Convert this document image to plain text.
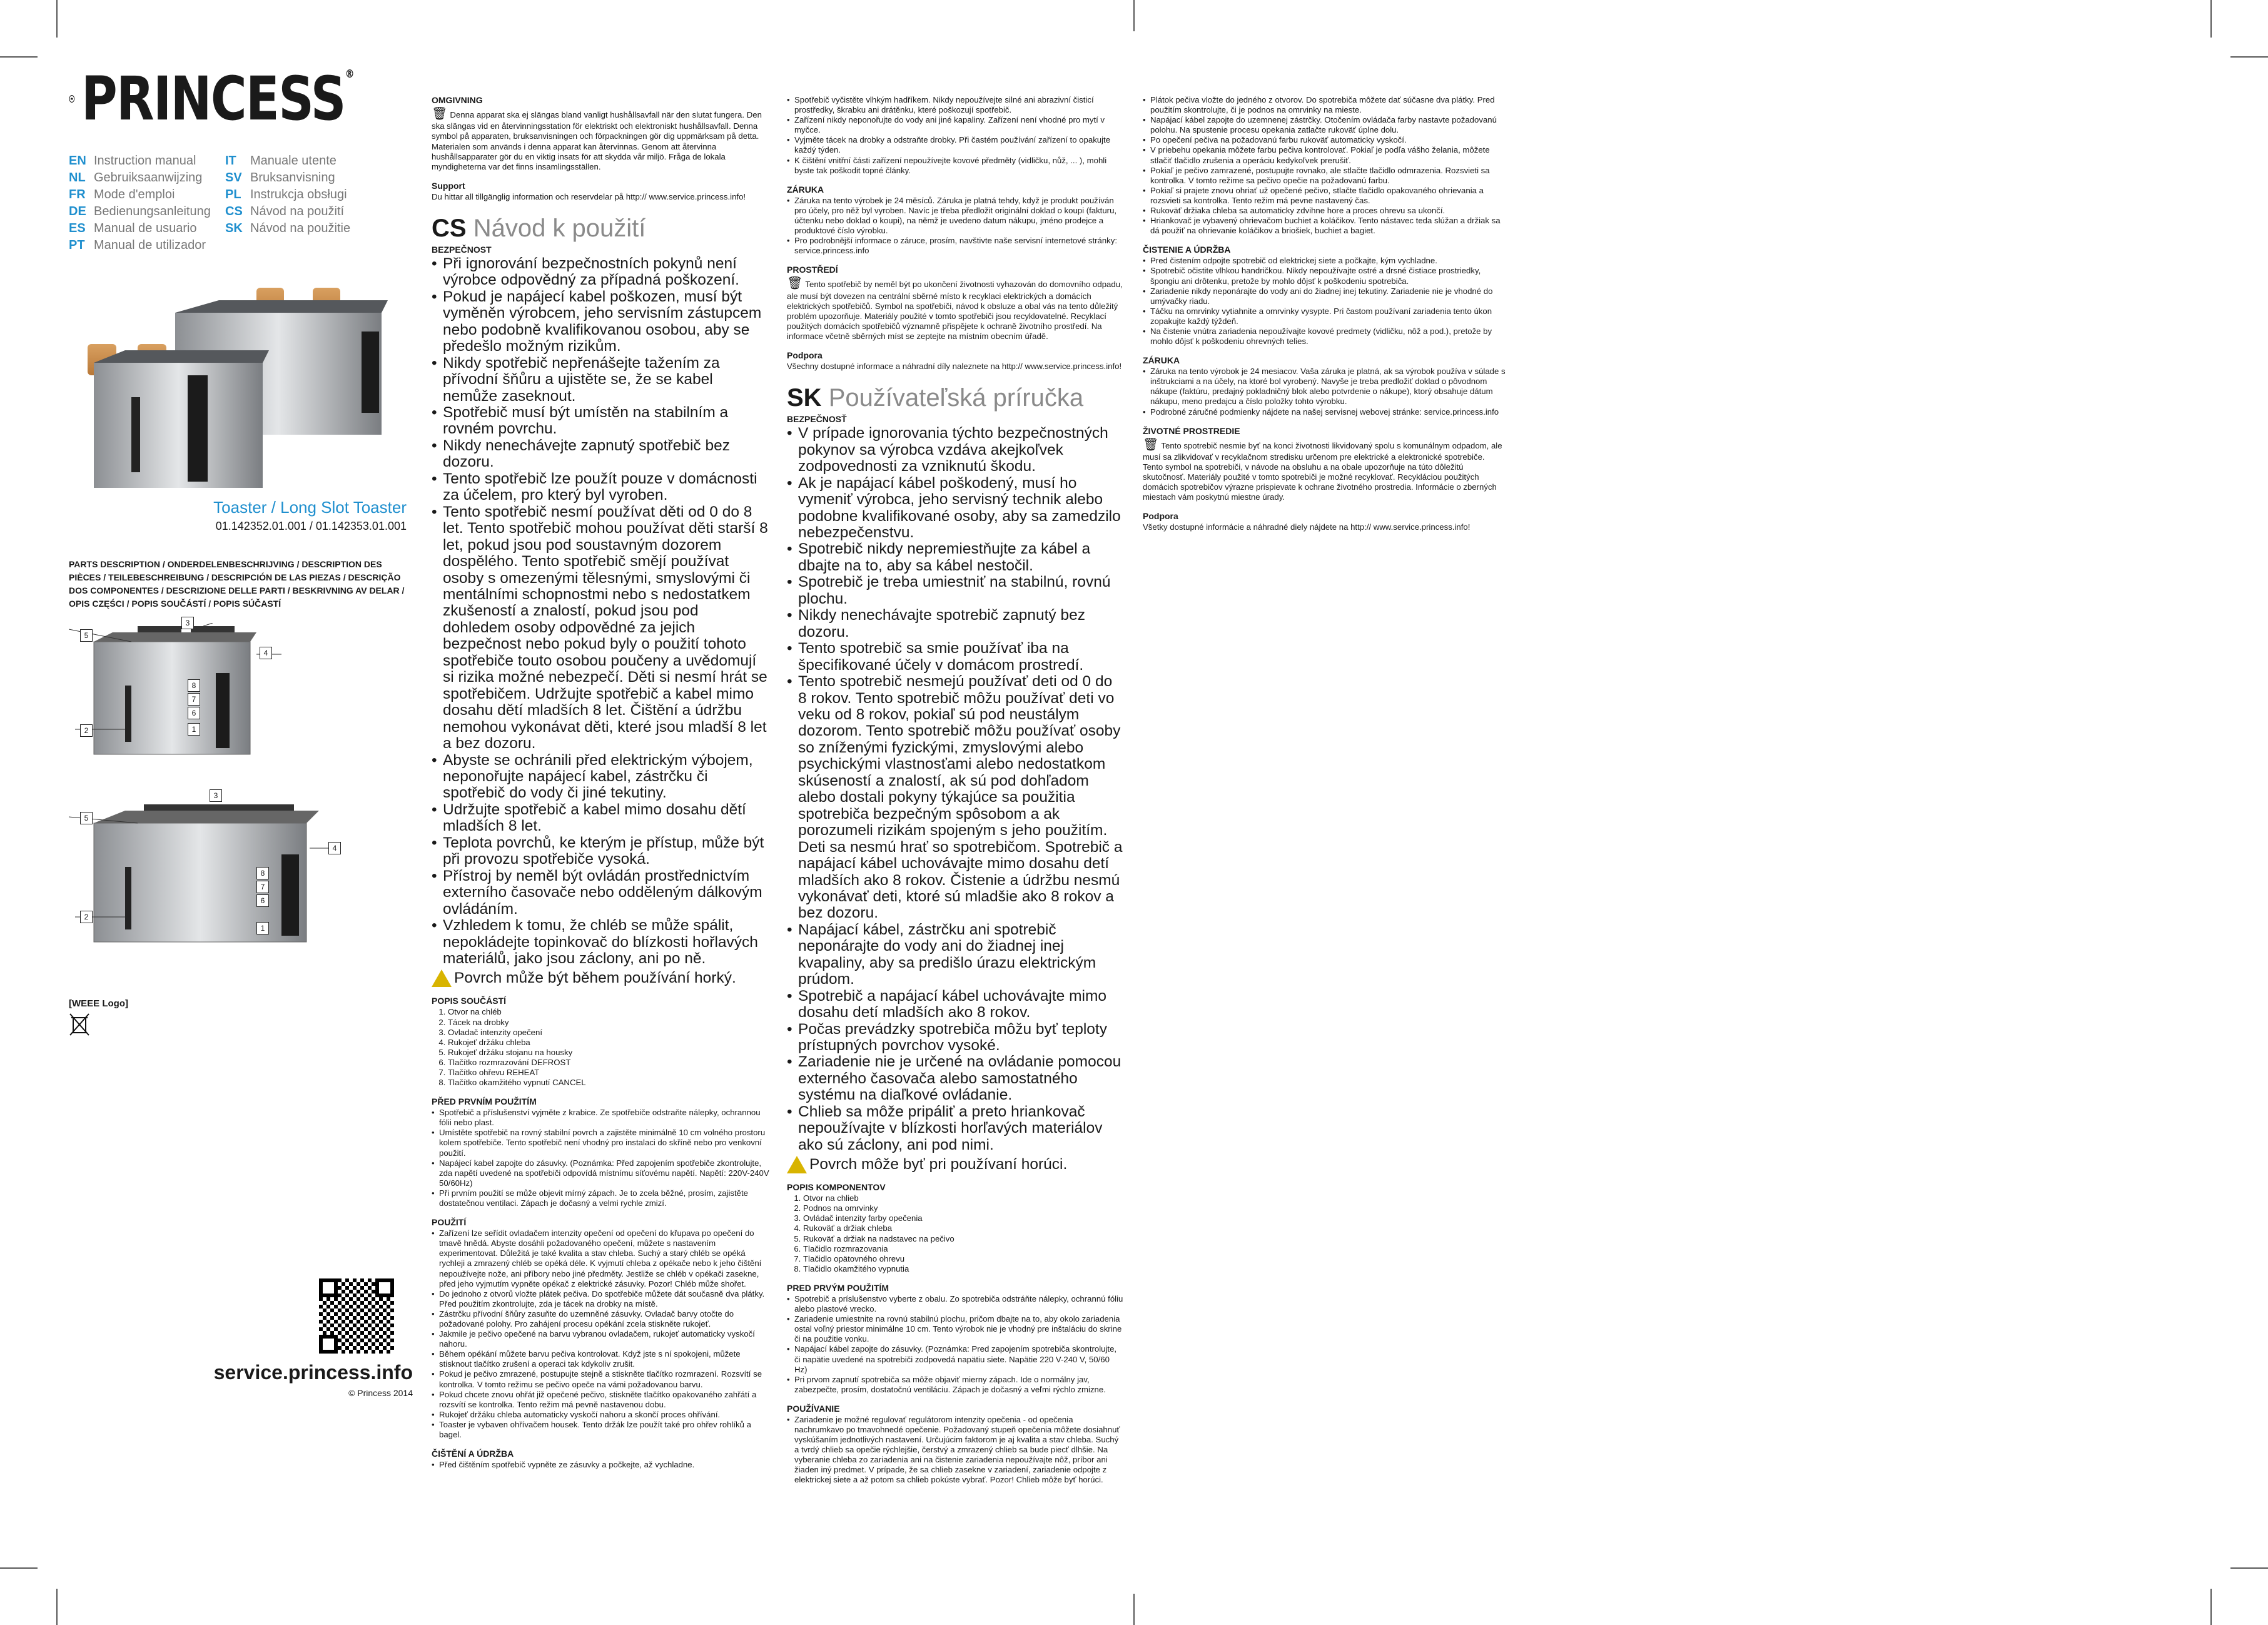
PRINCESS®
EN Instruction manual	IT Manuale utente
NL Gebruiksaanwijzing	SV Bruksanvisning
FR Mode d'emploi	PL Instrukcja obsługi
DE Bedienungsanleitung	CS Návod na použití
ES Manual de usuario	SK Návod na použitie
PT Manual de utilizador
Toaster / Long Slot Toaster
01.142352.01.001 / 01.142353.01.001
PARTS DESCRIPTION / ONDERDELENBESCHRIJVING / DESCRIPTION DES PIÈCES / TEILEBESCHREIBUNG / DESCRIPCIÓN DE LAS PIEZAS / DESCRIÇÃO DOS COMPONENTES / DESCRIZIONE DELLE PARTI / BESKRIVNING AV DELAR / OPIS CZĘŚCI / POPIS SOUČÁSTÍ / POPIS SÚČASTÍ
3
5
4
8
7
6
1
2
3
5
4
8
7
6
1
2
[WEEE Logo]
service.princess.info
© Princess 2014
OMGIVNING

🗑 Denna apparat ska ej slängas bland vanligt hushållsavfall när den slutat fungera. Den ska slängas vid en återvinningsstation för elektriskt och elektroniskt hushållsavfall. Denna symbol på apparaten, bruksanvisningen och förpackningen gör dig uppmärksam på detta. Materialen som används i denna apparat kan återvinnas. Genom att återvinna hushållsapparater gör du en viktig insats för att skydda vår miljö. Fråga de lokala myndigheterna var det finns insamlingsställen.

Support

Du hittar all tillgänglig information och reservdelar på http:// www.service.princess.info!

CS Návod k použití
BEZPEČNOST
• Při ignorování bezpečnostních pokynů není výrobce odpovědný za případná poškození.
• Pokud je napájecí kabel poškozen, musí být vyměněn výrobcem, jeho servisním zástupcem nebo podobně kvalifikovanou osobou, aby se předešlo možným rizikům.
• Nikdy spotřebič nepřenášejte tažením za přívodní šňůru a ujistěte se, že se kabel nemůže zaseknout.
• Spotřebič musí být umístěn na stabilním a rovném povrchu.
• Nikdy nenechávejte zapnutý spotřebič bez dozoru.
• Tento spotřebič lze použít pouze v domácnosti za účelem, pro který byl vyroben.
• Tento spotřebič nesmí používat děti od 0 do 8 let. Tento spotřebič mohou používat děti starší 8 let, pokud jsou pod soustavným dozorem dospělého. Tento spotřebič smějí používat osoby s omezenými tělesnými, smyslovými či mentálními schopnostmi nebo s nedostatkem zkušeností a znalostí, pokud jsou pod dohledem osoby odpovědné za jejich bezpečnost nebo pokud byly o použití tohoto spotřebiče touto osobou poučeny a uvědomují si rizika možné nebezpečí. Děti si nesmí hrát se spotřebičem. Udržujte spotřebič a kabel mimo dosahu dětí mladších 8 let. Čištění a údržbu nemohou vykonávat děti, které jsou mladší 8 let a bez dozoru.
• Abyste se ochránili před elektrickým výbojem, neponořujte napájecí kabel, zástrčku či spotřebič do vody či jiné tekutiny.
• Udržujte spotřebič a kabel mimo dosahu dětí mladších 8 let.
• Teplota povrchů, ke kterým je přístup, může být při provozu spotřebiče vysoká.
• Přístroj by neměl být ovládán prostřednictvím externího časovače nebo odděleným dálkovým ovládáním.
• Vzhledem k tomu, že chléb se může spálit, nepokládejte topinkovač do blízkosti hořlavých materiálů, jako jsou záclony, ani po ně.
Povrch může být během používání horký.
POPIS SOUČÁSTÍ
1. Otvor na chléb
2. Tácek na drobky
3. Ovladač intenzity opečení
4. Rukojeť držáku chleba
5. Rukojeť držáku stojanu na housky
6. Tlačítko rozmrazování DEFROST
7. Tlačítko ohřevu REHEAT
8. Tlačítko okamžitého vypnutí CANCEL
PŘED PRVNÍM POUŽITÍM
• Spotřebič a příslušenství vyjměte z krabice. Ze spotřebiče odstraňte nálepky, ochrannou fólii nebo plast.
• Umístěte spotřebič na rovný stabilní povrch a zajistěte minimálně 10 cm volného prostoru kolem spotřebiče. Tento spotřebič není vhodný pro instalaci do skříně nebo pro venkovní použití.
• Napájecí kabel zapojte do zásuvky. (Poznámka: Před zapojením spotřebiče zkontrolujte, zda napětí uvedené na spotřebiči odpovídá místnímu síťovému napětí. Napětí: 220V-240V 50/60Hz)
• Při prvním použití se může objevit mírný zápach. Je to zcela běžné, prosím, zajistěte dostatečnou ventilaci. Zápach je dočasný a velmi rychle zmizí.
POUŽITÍ
• Zařízení lze seřídit ovladačem intenzity opečení od opečení do křupava po opečení do tmavě hnědá. Abyste dosáhli požadovaného opečení, můžete s nastavením experimentovat. Důležitá je také kvalita a stav chleba. Suchý a starý chléb se opéká rychleji a zmrazený chléb se opéká déle. K vyjmutí chleba z opékače nebo k jeho čištění nepoužívejte nože, ani příbory nebo jiné předměty. Jestliže se chléb v opékači zasekne, před jeho vyjmutím vypněte opékač z elektrické zásuvky. Pozor! Chléb může shořet.
• Do jednoho z otvorů vložte plátek pečiva. Do spotřebiče můžete dát současně dva plátky. Před použitím zkontrolujte, zda je tácek na drobky na místě.
• Zástrčku přívodní šňůry zasuňte do uzemněné zásuvky. Ovladač barvy otočte do požadované polohy. Pro zahájení procesu opékání zcela stiskněte rukojeť.
• Jakmile je pečivo opečené na barvu vybranou ovladačem, rukojeť automaticky vyskočí nahoru.
• Během opékání můžete barvu pečiva kontrolovat. Když jste s ní spokojeni, můžete stisknout tlačítko zrušení a operaci tak kdykoliv zrušit.
• Pokud je pečivo zmrazené, postupujte stejně a stiskněte tlačítko rozmrazení. Rozsvítí se kontrolka. V tomto režimu se pečivo opeče na vámi požadovanou barvu.
• Pokud chcete znovu ohřát již opečené pečivo, stiskněte tlačítko opakovaného zahřátí a rozsvítí se kontrolka. Tento režim má pevně nastavenou dobu.
• Rukojeť držáku chleba automaticky vyskočí nahoru a skončí proces ohřívání.
• Toaster je vybaven ohřívačem housek. Tento držák lze použít také pro ohřev rohlíků a bagel.
ČIŠTĚNÍ A ÚDRŽBA
• Před čištěním spotřebič vypněte ze zásuvky a počkejte, až vychladne.
• Spotřebič vyčistěte vlhkým hadříkem. Nikdy nepoužívejte silné ani abrazivní čisticí prostředky, škrabku ani drátěnku, které poškozují spotřebič.
• Zařízení nikdy neponořujte do vody ani jiné kapaliny. Zařízení není vhodné pro mytí v myčce.
• Vyjměte tácek na drobky a odstraňte drobky. Při častém používání zařízení to opakujte každý týden.
• K čištění vnitřní části zařízení nepoužívejte kovové předměty (vidličku, nůž, ... ), mohli byste tak poškodit topné články.
ZÁRUKA
• Záruka na tento výrobek je 24 měsíců. Záruka je platná tehdy, když je produkt používán pro účely, pro něž byl vyroben. Navíc je třeba předložit originální doklad o koupi (fakturu, účtenku nebo doklad o koupi), na němž je uvedeno datum nákupu, jméno prodejce a produktové číslo výrobku.
• Pro podrobnější informace o záruce, prosím, navštivte naše servisní internetové stránky: service.princess.info
PROSTŘEDÍ

🗑 Tento spotřebič by neměl být po ukončení životnosti vyhazován do domovního odpadu, ale musí být dovezen na centrální sběrné místo k recyklaci elektrických a domácích elektrických spotřebičů. Symbol na spotřebiči, návod k obsluze a obal vás na tento důležitý problém upozorňuje. Materiály použité v tomto spotřebiči jsou recyklovatelné. Recyklací použitých domácích spotřebičů významně přispějete k ochraně životního prostředí. Na informace včetně sběrných míst se zeptejte na místním obecním úřadě.

Podpora

Všechny dostupné informace a náhradní díly naleznete na http:// www.service.princess.info!

SK Používateľská príručka
BEZPEČNOSŤ
• V prípade ignorovania týchto bezpečnostných pokynov sa výrobca vzdáva akejkoľvek zodpovednosti za vzniknutú škodu.
• Ak je napájací kábel poškodený, musí ho vymeniť výrobca, jeho servisný technik alebo podobne kvalifikované osoby, aby sa zamedzilo nebezpečenstvu.
• Spotrebič nikdy nepremiestňujte za kábel a dbajte na to, aby sa kábel nestočil.
• Spotrebič je treba umiestniť na stabilnú, rovnú plochu.
• Nikdy nenechávajte spotrebič zapnutý bez dozoru.
• Tento spotrebič sa smie používať iba na špecifikované účely v domácom prostredí.
• Tento spotrebič nesmejú používať deti od 0 do 8 rokov. Tento spotrebič môžu používať deti vo veku od 8 rokov, pokiaľ sú pod neustálym dozorom. Tento spotrebič môžu používať osoby so zníženými fyzickými, zmyslovými alebo psychickými vlastnosťami alebo nedostatkom skúseností a znalostí, ak sú pod dohľadom alebo dostali pokyny týkajúce sa použitia spotrebiča bezpečným spôsobom a ak porozumeli rizikám spojeným s jeho použitím. Deti sa nesmú hrať so spotrebičom. Spotrebič a napájací kábel uchovávajte mimo dosahu detí mladších ako 8 rokov. Čistenie a údržbu nesmú vykonávať deti, ktoré sú mladšie ako 8 rokov a bez dozoru.
• Napájací kábel, zástrčku ani spotrebič neponárajte do vody ani do žiadnej inej kvapaliny, aby sa predišlo úrazu elektrickým prúdom.
• Spotrebič a napájací kábel uchovávajte mimo dosahu detí mladších ako 8 rokov.
• Počas prevádzky spotrebiča môžu byť teploty prístupných povrchov vysoké.
• Zariadenie nie je určené na ovládanie pomocou externého časovača alebo samostatného systému na diaľkové ovládanie.
• Chlieb sa môže pripáliť a preto hriankovač nepoužívajte v blízkosti horľavých materiálov ako sú záclony, ani pod nimi.
Povrch môže byť pri používaní horúci.
POPIS KOMPONENTOV
1. Otvor na chlieb
2. Podnos na omrvinky
3. Ovládač intenzity farby opečenia
4. Rukoväť a držiak chleba
5. Rukoväť a držiak na nadstavec na pečivo
6. Tlačidlo rozmrazovania
7. Tlačidlo opätovného ohrevu
8. Tlačidlo okamžitého vypnutia
PRED PRVÝM POUŽITÍM
• Spotrebič a príslušenstvo vyberte z obalu. Zo spotrebiča odstráňte nálepky, ochrannú fóliu alebo plastové vrecko.
• Zariadenie umiestnite na rovnú stabilnú plochu, pričom dbajte na to, aby okolo zariadenia ostal voľný priestor minimálne 10 cm. Tento výrobok nie je vhodný pre inštaláciu do skrine či na použitie vonku.
• Napájací kábel zapojte do zásuvky. (Poznámka: Pred zapojením spotrebiča skontrolujte, či napätie uvedené na spotrebiči zodpovedá napätiu siete. Napätie 220 V-240 V, 50/60 Hz)
• Pri prvom zapnutí spotrebiča sa môže objaviť mierny zápach. Ide o normálny jav, zabezpečte, prosím, dostatočnú ventiláciu. Zápach je dočasný a veľmi rýchlo zmizne.
POUŽÍVANIE
• Zariadenie je možné regulovať regulátorom intenzity opečenia - od opečenia nachrumkavo po tmavohnedé opečenie. Požadovaný stupeň opečenia môžete dosiahnuť vyskúšaním jednotlivých nastavení. Určujúcim faktorom je aj kvalita a stav chleba. Suchý a tvrdý chlieb sa opečie rýchlejšie, čerstvý a zmrazený chlieb sa bude piecť dlhšie. Na vyberanie chleba zo zariadenia ani na čistenie zariadenia nepoužívajte nôž, príbor ani žiaden iný predmet. V prípade, že sa chlieb zasekne v zariadení, zariadenie odpojte z elektrickej siete a až potom sa chlieb pokúste vybrať. Pozor! Chlieb môže byť horúci.
• Plátok pečiva vložte do jedného z otvorov. Do spotrebiča môžete dať súčasne dva plátky. Pred použitím skontrolujte, či je podnos na omrvinky na mieste.
• Napájací kábel zapojte do uzemnenej zástrčky. Otočením ovládača farby nastavte požadovanú polohu. Na spustenie procesu opekania zatlačte rukoväť úplne dolu.
• Po opečení pečiva na požadovanú farbu rukoväť automaticky vyskočí.
• V priebehu opekania môžete farbu pečiva kontrolovať. Pokiaľ je podľa vášho želania, môžete stlačiť tlačidlo zrušenia a operáciu kedykoľvek prerušiť.
• Pokiaľ je pečivo zamrazené, postupujte rovnako, ale stlačte tlačidlo odmrazenia. Rozsvieti sa kontrolka. V tomto režime sa pečivo opečie na požadovanú farbu.
• Pokiaľ si prajete znovu ohriať už opečené pečivo, stlačte tlačidlo opakovaného ohrievania a rozsvieti sa kontrolka. Tento režim má pevne nastavený čas.
• Rukoväť držiaka chleba sa automaticky zdvihne hore a proces ohrevu sa ukončí.
• Hriankovač je vybavený ohrievačom buchiet a koláčikov. Tento nástavec teda slúžan a držiak sa dá použiť na ohrievanie koláčikov a briošiek, buchiet a bagiet.
ČISTENIE A ÚDRŽBA
• Pred čistením odpojte spotrebič od elektrickej siete a počkajte, kým vychladne.
• Spotrebič očistite vlhkou handričkou. Nikdy nepoužívajte ostré a drsné čistiace prostriedky, špongiu ani drôtenku, pretože by mohlo dôjsť k poškodeniu spotrebiča.
• Zariadenie nikdy neponárajte do vody ani do žiadnej inej tekutiny. Zariadenie nie je vhodné do umývačky riadu.
• Táčku na omrvinky vytiahnite a omrvinky vysypte. Pri častom používaní zariadenia tento úkon zopakujte každý týždeň.
• Na čistenie vnútra zariadenia nepoužívajte kovové predmety (vidličku, nôž a pod.), pretože by mohlo dôjsť k poškodeniu ohrevných telies.
ZÁRUKA
• Záruka na tento výrobok je 24 mesiacov. Vaša záruka je platná, ak sa výrobok používa v súlade s inštrukciami a na účely, na ktoré bol vyrobený. Navyše je treba predložiť doklad o pôvodnom nákupe (faktúru, predajný pokladničný blok alebo potvrdenie o nákupe), ktorý obsahuje dátum nákupu, meno predajcu a číslo položky tohto výrobku.
• Podrobné záručné podmienky nájdete na našej servisnej webovej stránke: service.princess.info
ŽIVOTNÉ PROSTREDIE

🗑 Tento spotrebič nesmie byť na konci životnosti likvidovaný spolu s komunálnym odpadom, ale musí sa zlikvidovať v recyklačnom stredisku určenom pre elektrické a elektronické spotrebiče. Tento symbol na spotrebiči, v návode na obsluhu a na obale upozorňuje na túto dôležitú skutočnosť. Materiály použité v tomto spotrebiči je možné recyklovať. Recykláciou použitých domácich spotrebičov výrazne prispievate k ochrane životného prostredia. Informácie o zberných miestach vám poskytnú miestne úrady.

Podpora

Všetky dostupné informácie a náhradné diely nájdete na http:// www.service.princess.info!
